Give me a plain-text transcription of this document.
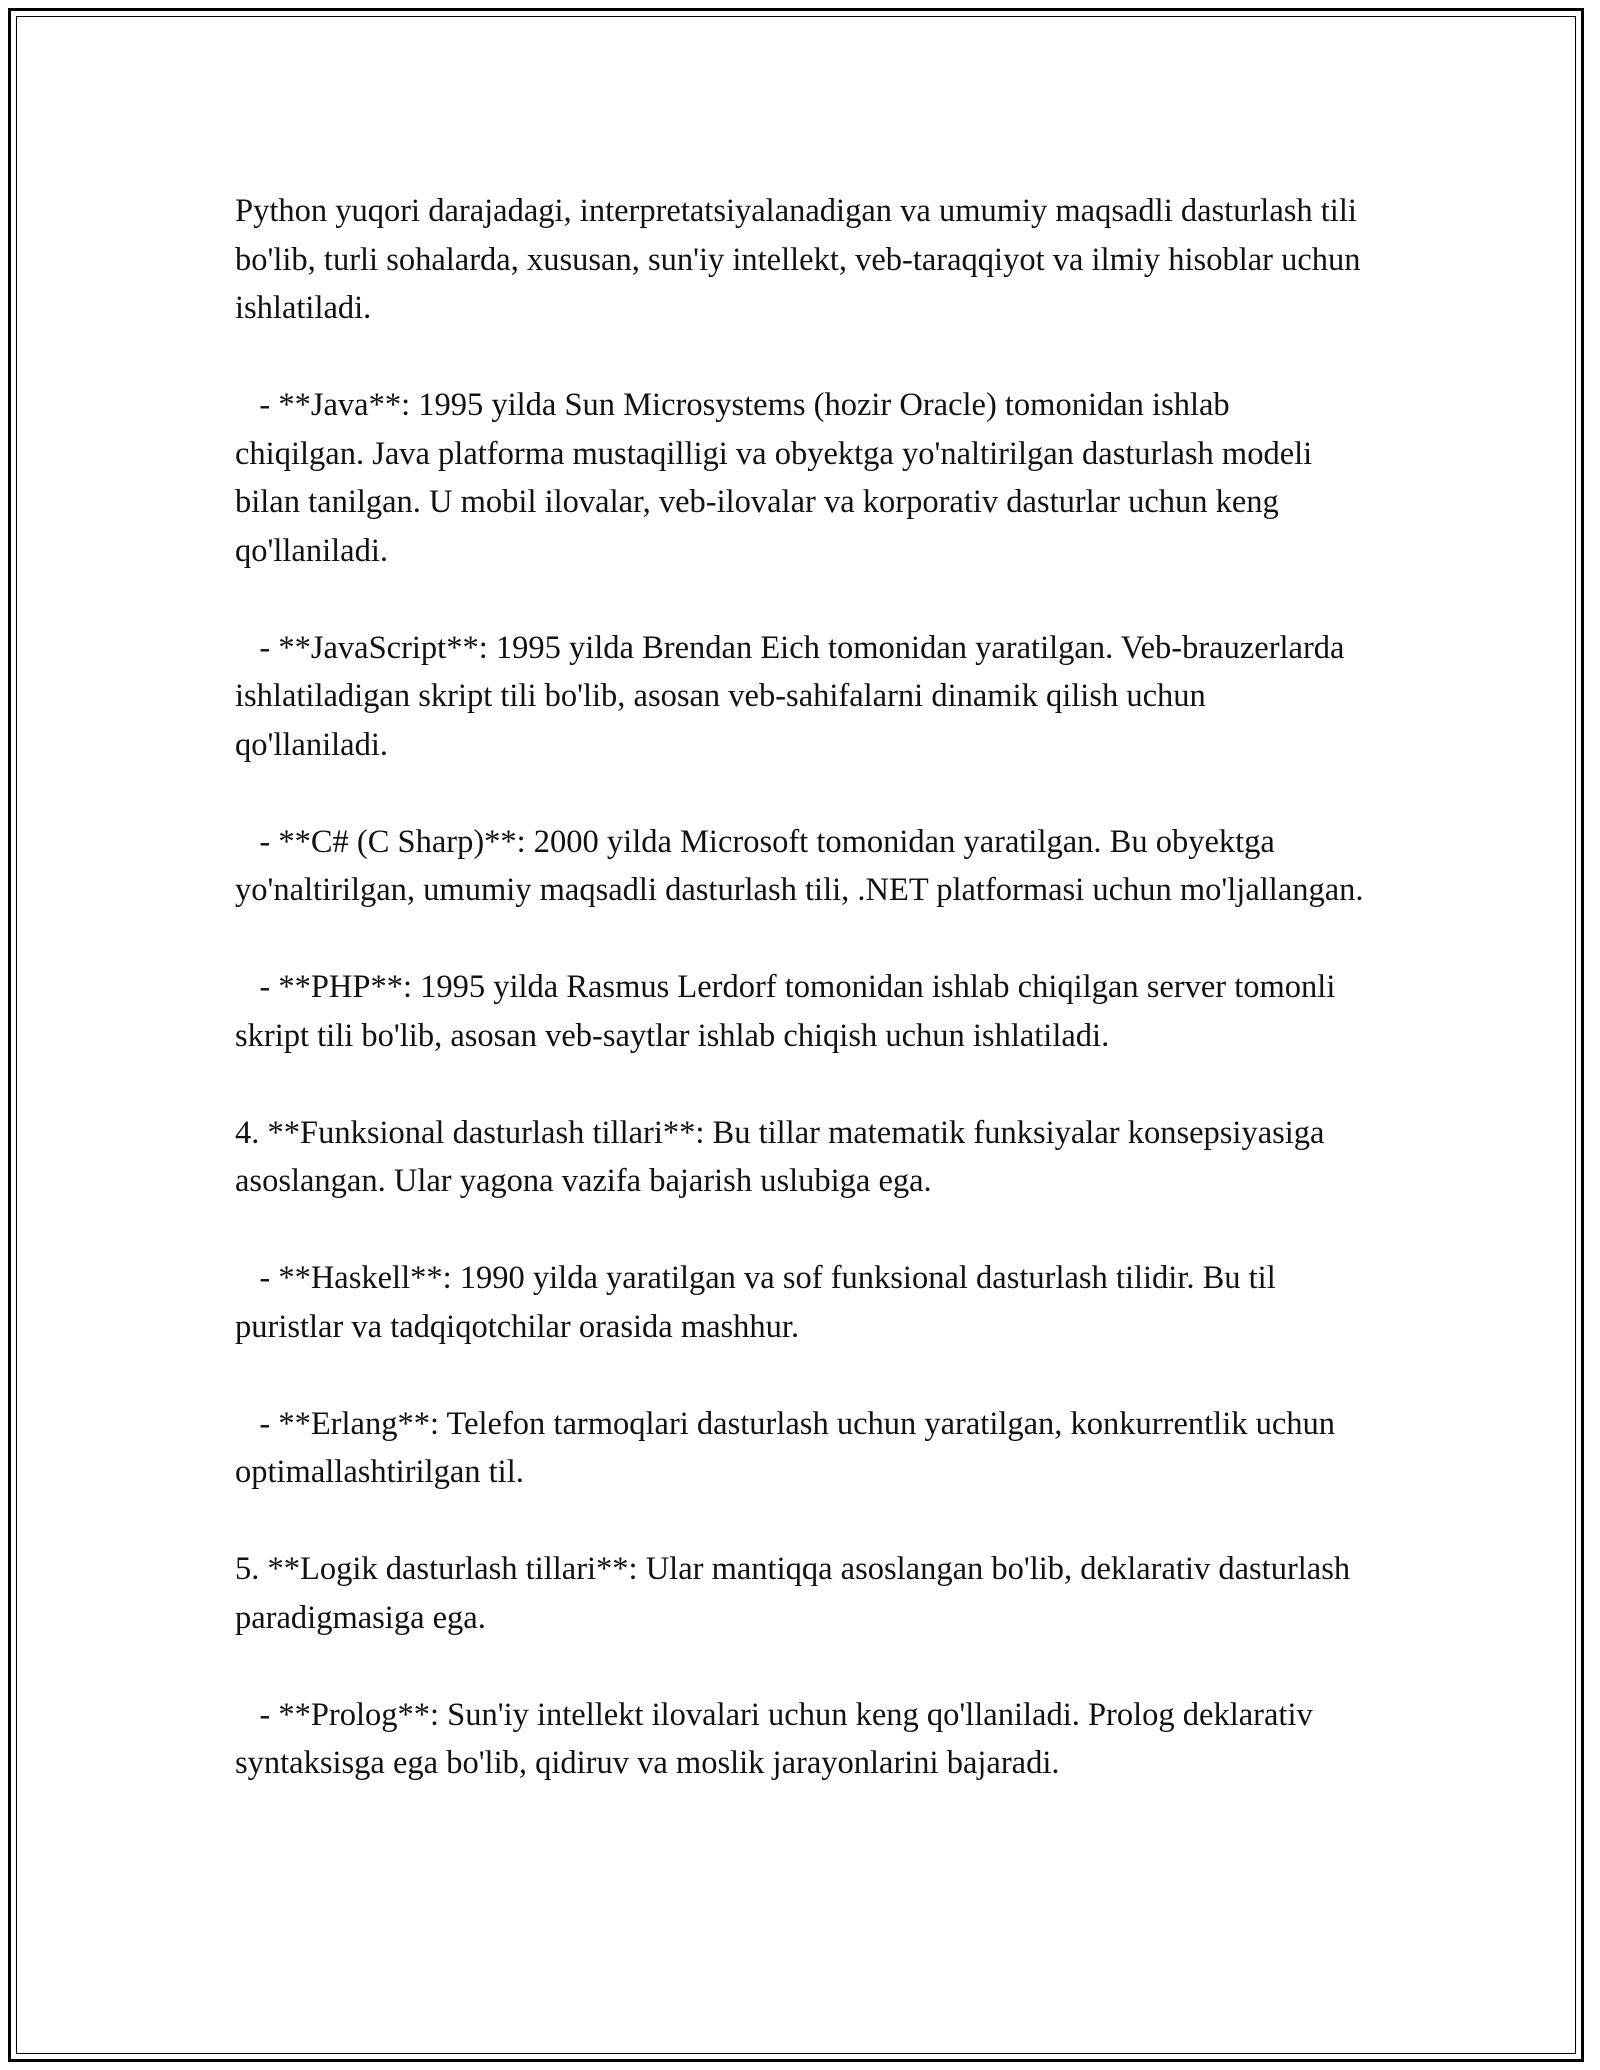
Python yuqori darajadagi, interpretatsiyalanadigan va umumiy maqsadli dasturlash tili bo'lib, turli sohalarda, xususan, sun'iy intellekt, veb-taraqqiyot va ilmiy hisoblar uchun ishlatiladi.

- **Java**: 1995 yilda Sun Microsystems (hozir Oracle) tomonidan ishlab chiqilgan. Java platforma mustaqilligi va obyektga yo'naltirilgan dasturlash modeli bilan tanilgan. U mobil ilovalar, veb-ilovalar va korporativ dasturlar uchun keng qo'llaniladi.

- **JavaScript**: 1995 yilda Brendan Eich tomonidan yaratilgan. Veb-brauzerlarda ishlatiladigan skript tili bo'lib, asosan veb-sahifalarni dinamik qilish uchun qo'llaniladi.

- **C# (C Sharp)**: 2000 yilda Microsoft tomonidan yaratilgan. Bu obyektga yo'naltirilgan, umumiy maqsadli dasturlash tili, .NET platformasi uchun mo'ljallangan.

- **PHP**: 1995 yilda Rasmus Lerdorf tomonidan ishlab chiqilgan server tomonli skript tili bo'lib, asosan veb-saytlar ishlab chiqish uchun ishlatiladi.

4. **Funksional dasturlash tillari**: Bu tillar matematik funksiyalar konsepsiyasiga asoslangan. Ular yagona vazifa bajarish uslubiga ega.

- **Haskell**: 1990 yilda yaratilgan va sof funksional dasturlash tilidir. Bu til puristlar va tadqiqotchilar orasida mashhur.

- **Erlang**: Telefon tarmoqlari dasturlash uchun yaratilgan, konkurrentlik uchun optimallashtirilgan til.

5. **Logik dasturlash tillari**: Ular mantiqqa asoslangan bo'lib, deklarativ dasturlash paradigmasiga ega.

- **Prolog**: Sun'iy intellekt ilovalari uchun keng qo'llaniladi. Prolog deklarativ syntaksisga ega bo'lib, qidiruv va moslik jarayonlarini bajaradi.
